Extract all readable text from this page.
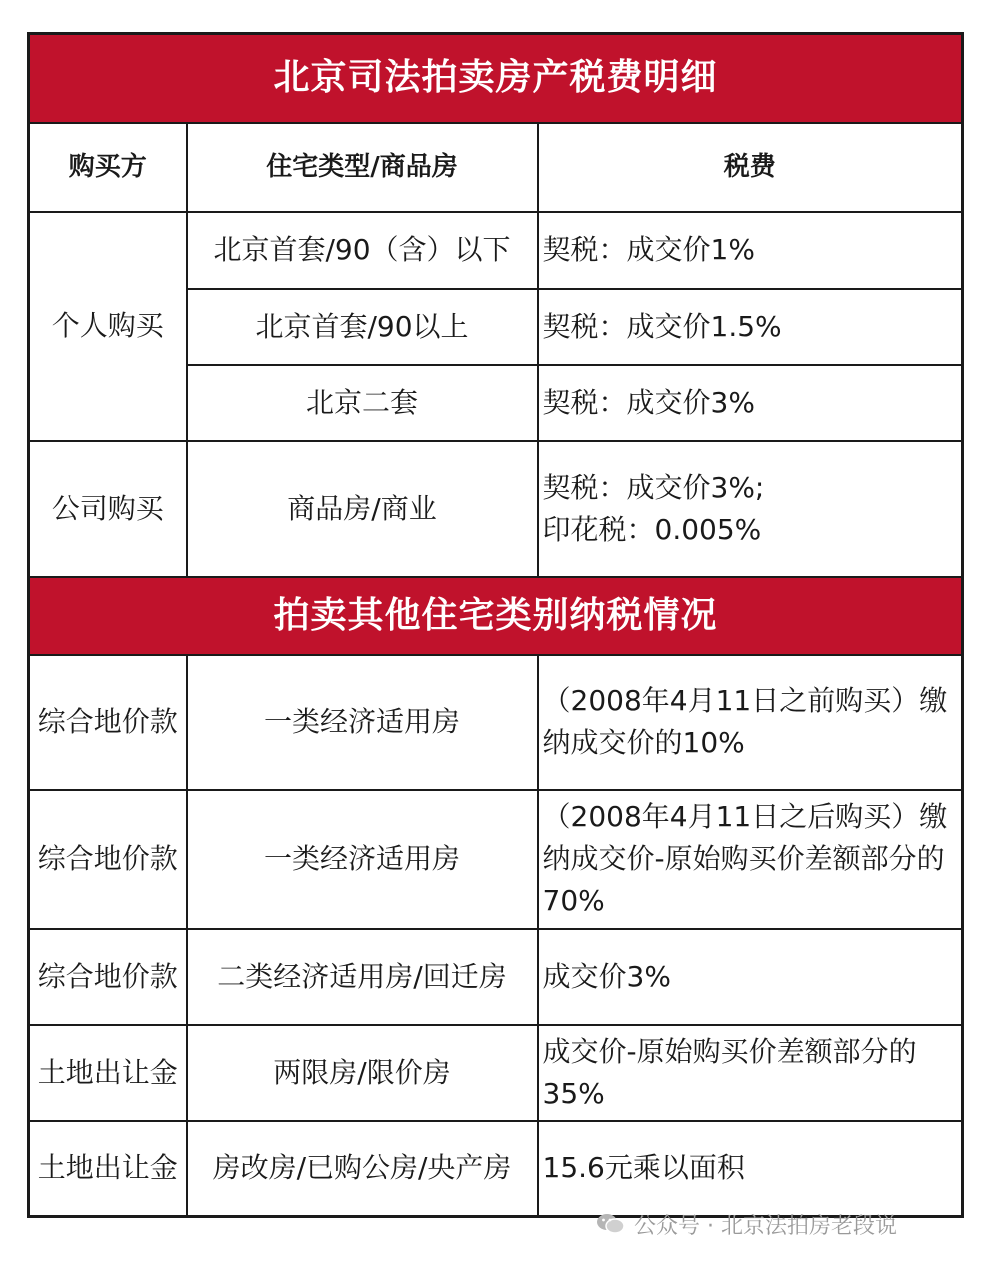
北京司法拍卖房产税费明细		
购买方	住宅类型/商品房	税费
个人购买	北京首套/90（含）以下	契税：成交价1%
	北京首套/90以上	契税：成交价1.5%
	北京二套	契税：成交价3%
公司购买	商品房/商业	契税：成交价3%;
印花税：0.005%

拍卖其他住宅类别纳税情况		
综合地价款	一类经济适用房	（2008年4月11日之前购买）缴纳成交价的10%
综合地价款	一类经济适用房	（2008年4月11日之后购买）缴纳成交价-原始购买价差额部分的70%
综合地价款	二类经济适用房/回迁房	成交价3%
土地出让金	两限房/限价房	成交价-原始购买价差额部分的35%
土地出让金	房改房/已购公房/央产房	15.6元乘以面积
公众号 · 北京法拍房老段说
